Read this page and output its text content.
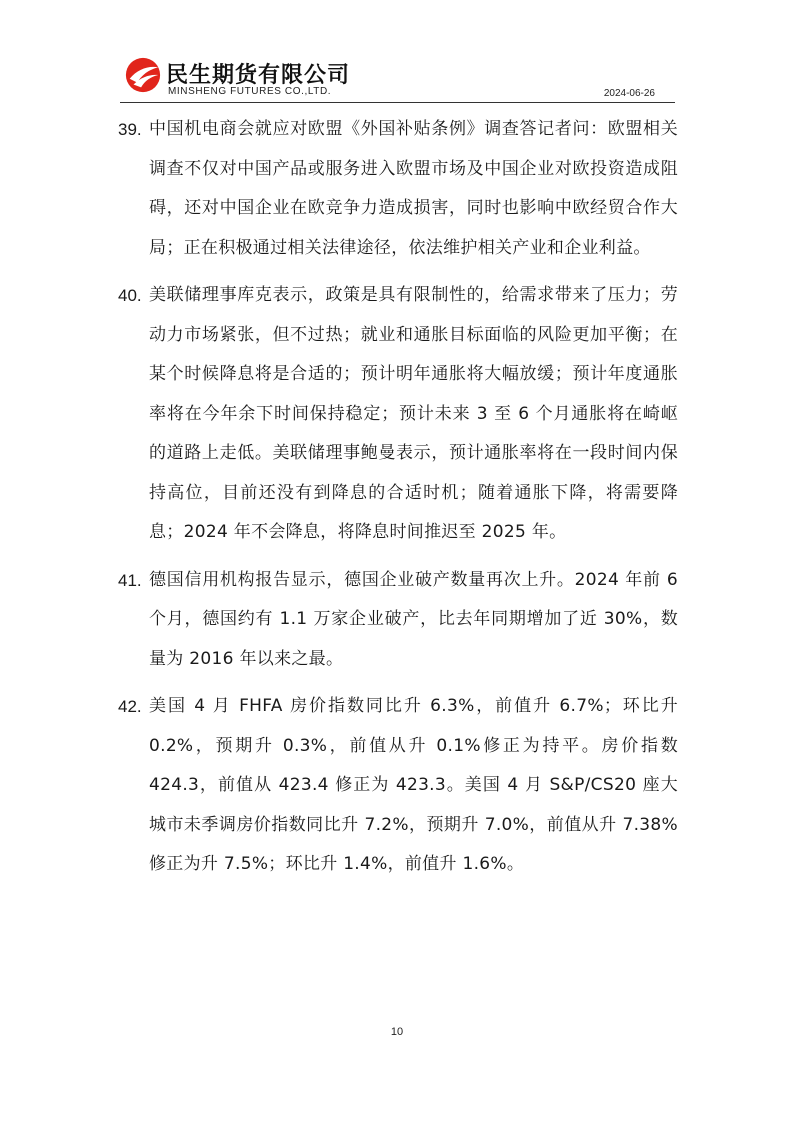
民生期货有限公司
MINSHENG FUTURES CO.,LTD.	2024-06-26
39. 中国机电商会就应对欧盟《外国补贴条例》调查答记者问：欧盟相关调查不仅对中国产品或服务进入欧盟市场及中国企业对欧投资造成阻碍，还对中国企业在欧竞争力造成损害，同时也影响中欧经贸合作大局；正在积极通过相关法律途径，依法维护相关产业和企业利益。
40. 美联储理事库克表示，政策是具有限制性的，给需求带来了压力；劳动力市场紧张，但不过热；就业和通胀目标面临的风险更加平衡；在某个时候降息将是合适的；预计明年通胀将大幅放缓；预计年度通胀率将在今年余下时间保持稳定；预计未来 3 至 6 个月通胀将在崎岖的道路上走低。美联储理事鲍曼表示，预计通胀率将在一段时间内保持高位，目前还没有到降息的合适时机；随着通胀下降，将需要降息；2024 年不会降息，将降息时间推迟至 2025 年。
41. 德国信用机构报告显示，德国企业破产数量再次上升。2024 年前 6 个月，德国约有 1.1 万家企业破产，比去年同期增加了近 30%，数量为 2016 年以来之最。
42. 美国 4 月 FHFA 房价指数同比升 6.3%，前值升 6.7%；环比升 0.2%，预期升 0.3%，前值从升 0.1%修正为持平。房价指数 424.3，前值从 423.4 修正为 423.3。美国 4 月 S&P/CS20 座大城市未季调房价指数同比升 7.2%，预期升 7.0%，前值从升 7.38%修正为升 7.5%；环比升 1.4%，前值升 1.6%。
10
